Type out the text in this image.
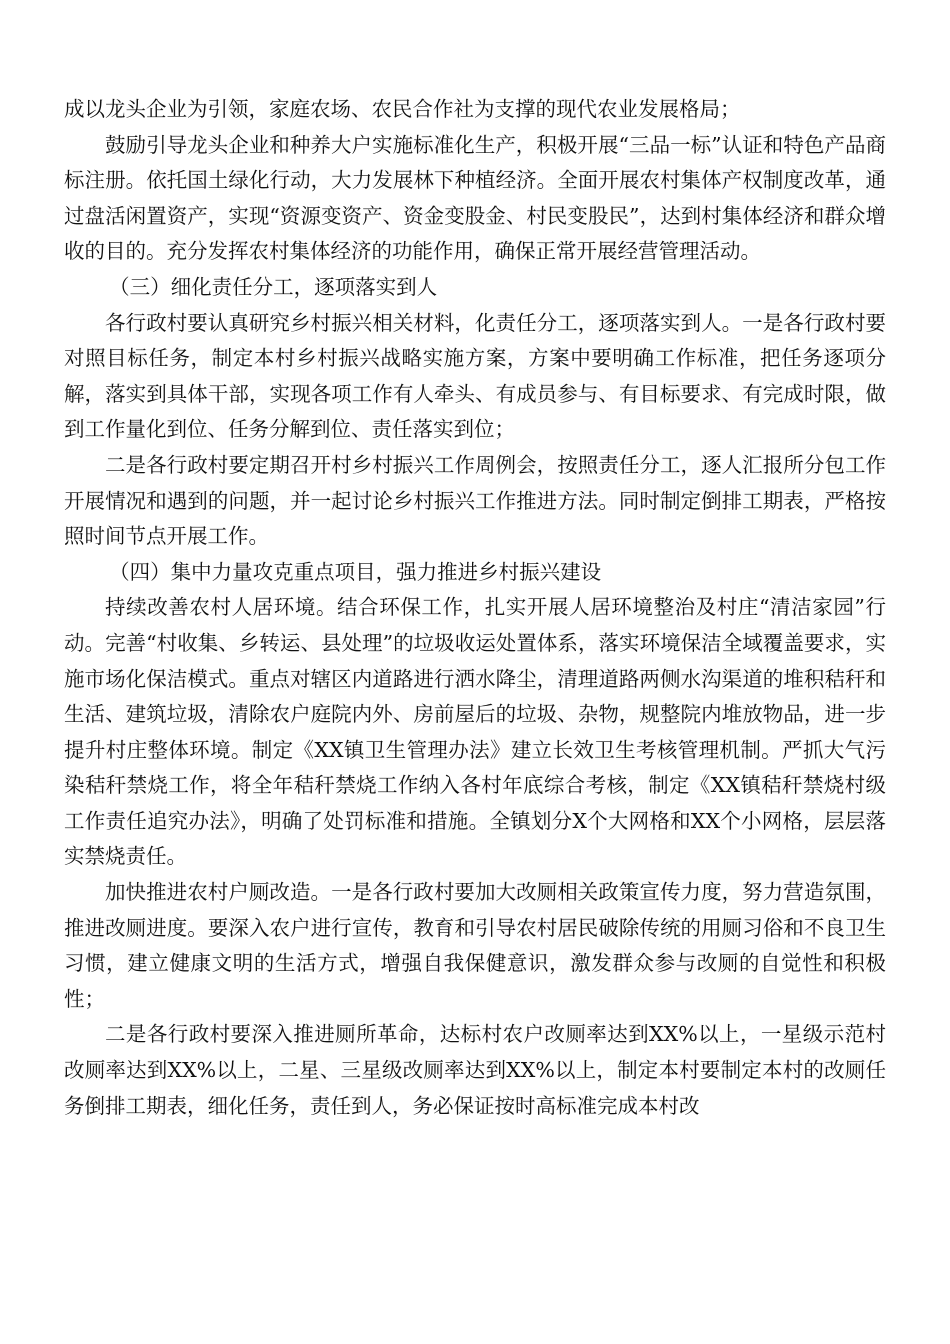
成以龙头企业为引领，家庭农场、农民合作社为支撑的现代农业发展格局；

鼓励引导龙头企业和种养大户实施标准化生产，积极开展“三品一标”认证和特色产品商标注册。依托国土绿化行动，大力发展林下种植经济。全面开展农村集体产权制度改革，通过盘活闲置资产，实现“资源变资产、资金变股金、村民变股民”，达到村集体经济和群众增收的目的。充分发挥农村集体经济的功能作用，确保正常开展经营管理活动。

（三）细化责任分工，逐项落实到人

各行政村要认真研究乡村振兴相关材料，化责任分工，逐项落实到人。一是各行政村要对照目标任务，制定本村乡村振兴战略实施方案，方案中要明确工作标准，把任务逐项分解，落实到具体干部，实现各项工作有人牵头、有成员参与、有目标要求、有完成时限，做到工作量化到位、任务分解到位、责任落实到位；

二是各行政村要定期召开村乡村振兴工作周例会，按照责任分工，逐人汇报所分包工作开展情况和遇到的问题，并一起讨论乡村振兴工作推进方法。同时制定倒排工期表，严格按照时间节点开展工作。

（四）集中力量攻克重点项目，强力推进乡村振兴建设

持续改善农村人居环境。结合环保工作，扎实开展人居环境整治及村庄“清洁家园”行动。完善“村收集、乡转运、县处理”的垃圾收运处置体系，落实环境保洁全域覆盖要求，实施市场化保洁模式。重点对辖区内道路进行洒水降尘，清理道路两侧水沟渠道的堆积秸秆和生活、建筑垃圾，清除农户庭院内外、房前屋后的垃圾、杂物，规整院内堆放物品，进一步提升村庄整体环境。制定《XX镇卫生管理办法》建立长效卫生考核管理机制。严抓大气污染秸秆禁烧工作，将全年秸秆禁烧工作纳入各村年底综合考核，制定《XX镇秸秆禁烧村级工作责任追究办法》，明确了处罚标准和措施。全镇划分X个大网格和XX个小网格，层层落实禁烧责任。

加快推进农村户厕改造。一是各行政村要加大改厕相关政策宣传力度，努力营造氛围，推进改厕进度。要深入农户进行宣传，教育和引导农村居民破除传统的用厕习俗和不良卫生习惯，建立健康文明的生活方式，增强自我保健意识，激发群众参与改厕的自觉性和积极性；

二是各行政村要深入推进厕所革命，达标村农户改厕率达到XX%以上，一星级示范村改厕率达到XX%以上，二星、三星级改厕率达到XX%以上，制定本村要制定本村的改厕任务倒排工期表，细化任务，责任到人，务必保证按时高标准完成本村改
